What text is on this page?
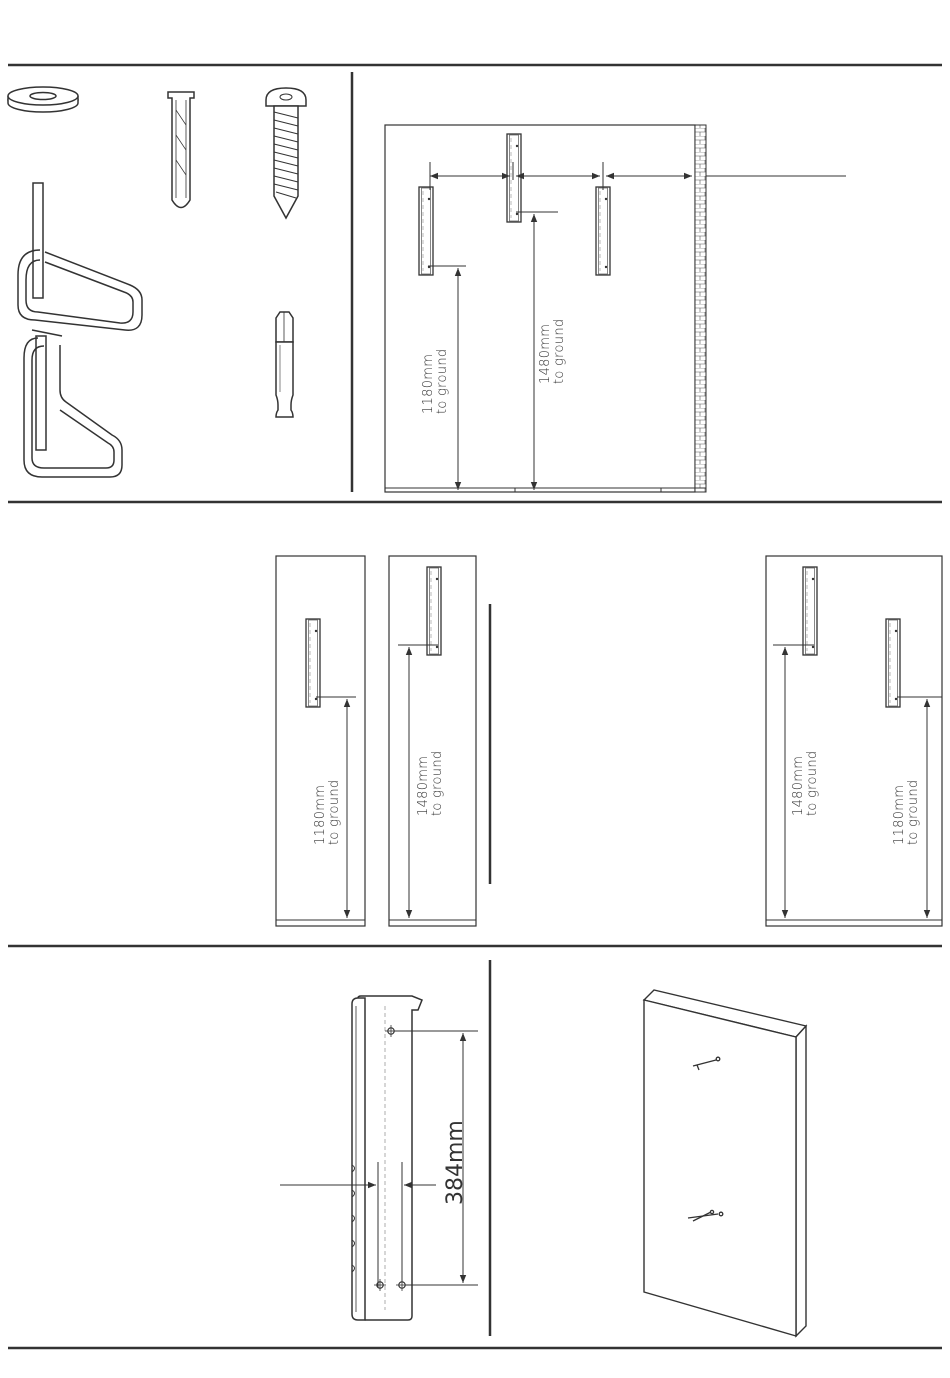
1180mm to ground	1480mm to ground
1180mm to ground	1480mm to ground	1480mm to ground	1180mm to ground
384mm
